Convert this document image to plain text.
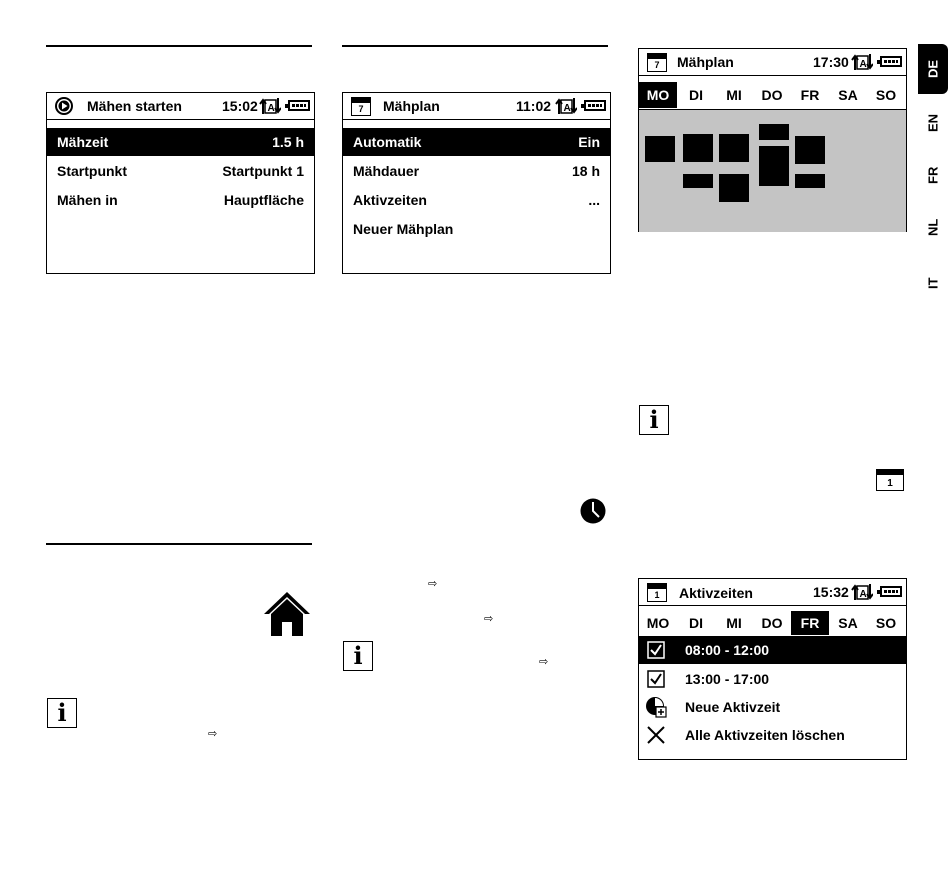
Mähen starten	15:02 A
Mähzeit	1.5 h
Startpunkt	Startpunkt 1
Mähen in	Hauptfläche
7	Mähplan	11:02 A
Automatik	Ein
Mähdauer	18 h
Aktivzeiten	...
Neuer Mähplan
7	Mähplan	17:30 A
MO	DI	MI	DO	FR	SA	SO
1	Aktivzeiten	15:32 A
MO	DI	MI	DO	FR	SA	SO
08:00 - 12:00
13:00 - 17:00
Neue Aktivzeit
Alle Aktivzeiten löschen
1
i
i
i
⇨
⇨
⇨
⇨
DE
EN
FR
NL
IT
